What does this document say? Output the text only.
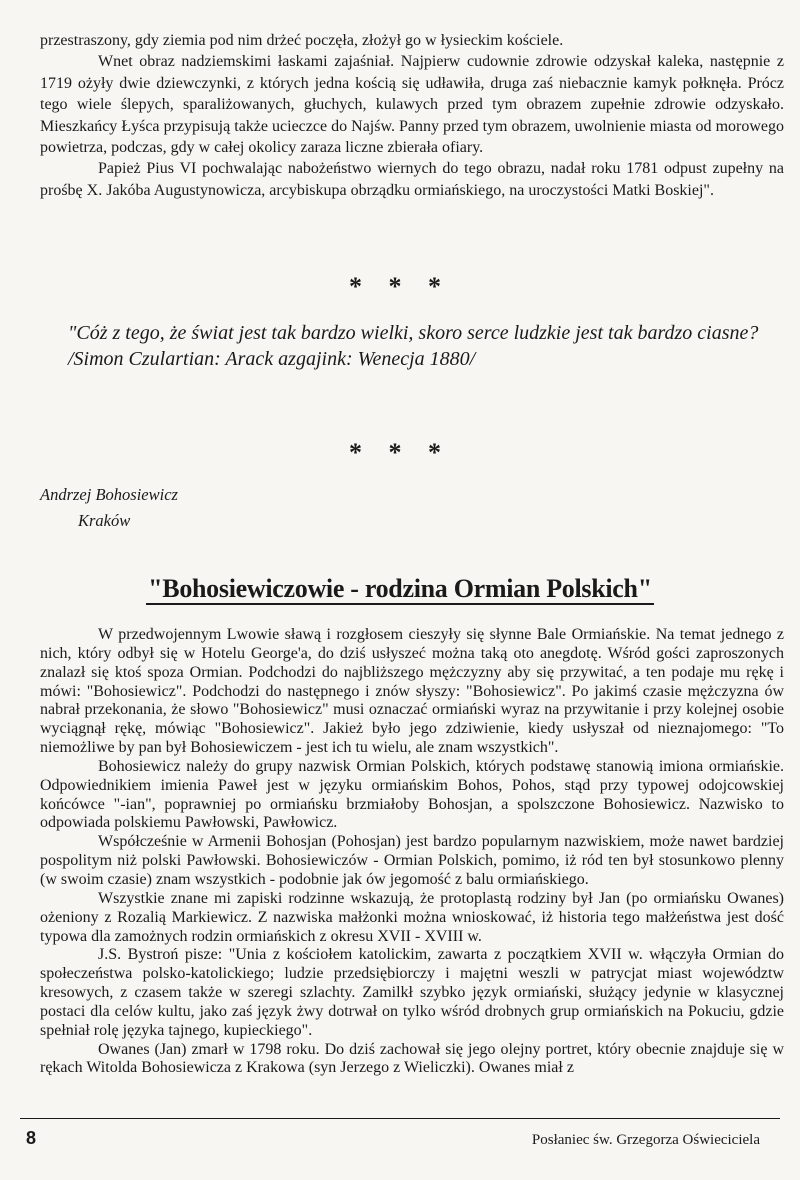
przestraszony, gdy ziemia pod nim drżeć poczęła, złożył go w łysieckim kościele.

Wnet obraz nadziemskimi łaskami zajaśniał. Najpierw cudownie zdrowie odzyskał kaleka, następnie z 1719 ożyły dwie dziewczynki, z których jedna kością się udławiła, druga zaś niebacznie kamyk połknęła. Prócz tego wiele ślepych, sparaliżowanych, głuchych, kulawych przed tym obrazem zupełnie zdrowie odzyskało. Mieszkańcy Łyśca przypisują także ucieczce do Najśw. Panny przed tym obrazem, uwolnienie miasta od morowego powietrza, podczas, gdy w całej okolicy zaraza liczne zbierała ofiary.

Papież Pius VI pochwalając nabożeństwo wiernych do tego obrazu, nadał roku 1781 odpust zupełny na prośbę X. Jakóba Augustynowicza, arcybiskupa obrządku ormiańskiego, na uroczystości Matki Boskiej".

* * *

"Cóż z tego, że świat jest tak bardzo wielki, skoro serce ludzkie jest tak bardzo ciasne?

/Simon Czulartian: Arack azgajink: Wenecja 1880/

* * *
Andrzej Bohosiewicz
Kraków
"Bohosiewiczowie - rodzina Ormian Polskich"

W przedwojennym Lwowie sławą i rozgłosem cieszyły się słynne Bale Ormiańskie. Na temat jednego z nich, który odbył się w Hotelu George'a, do dziś usłyszeć można taką oto anegdotę. Wśród gości zaproszonych znalazł się ktoś spoza Ormian. Podchodzi do najbliższego mężczyzny aby się przywitać, a ten podaje mu rękę i mówi: "Bohosiewicz". Podchodzi do następnego i znów słyszy: "Bohosiewicz". Po jakimś czasie mężczyzna ów nabrał przekonania, że słowo "Bohosiewicz" musi oznaczać ormiański wyraz na przywitanie i przy kolejnej osobie wyciągnął rękę, mówiąc "Bohosiewicz". Jakież było jego zdziwienie, kiedy usłyszał od nieznajomego: "To niemożliwe by pan był Bohosiewiczem - jest ich tu wielu, ale znam wszystkich".

Bohosiewicz należy do grupy nazwisk Ormian Polskich, których podstawę stanowią imiona ormiańskie. Odpowiednikiem imienia Paweł jest w języku ormiańskim Bohos, Pohos, stąd przy typowej odojcowskiej końcówce "-ian", poprawniej po ormiańsku brzmiałoby Bohosjan, a spolszczone Bohosiewicz. Nazwisko to odpowiada polskiemu Pawłowski, Pawłowicz.

Współcześnie w Armenii Bohosjan (Pohosjan) jest bardzo popularnym nazwiskiem, może nawet bardziej pospolitym niż polski Pawłowski. Bohosiewiczów - Ormian Polskich, pomimo, iż ród ten był stosunkowo plenny (w swoim czasie) znam wszystkich - podobnie jak ów jegomość z balu ormiańskiego.

Wszystkie znane mi zapiski rodzinne wskazują, że protoplastą rodziny był Jan (po ormiańsku Owanes) ożeniony z Rozalią Markiewicz. Z nazwiska małżonki można wnioskować, iż historia tego małżeństwa jest dość typowa dla zamożnych rodzin ormiańskich z okresu XVII - XVIII w.

J.S. Bystroń pisze: "Unia z kościołem katolickim, zawarta z początkiem XVII w. włączyła Ormian do społeczeństwa polsko-katolickiego; ludzie przedsiębiorczy i majętni weszli w patrycjat miast województw kresowych, z czasem także w szeregi szlachty. Zamilkł szybko język ormiański, służący jedynie w klasycznej postaci dla celów kultu, jako zaś język żwy dotrwał on tylko wśród drobnych grup ormiańskich na Pokuciu, gdzie spełniał rolę języka tajnego, kupieckiego".

Owanes (Jan) zmarł w 1798 roku. Do dziś zachował się jego olejny portret, który obecnie znajduje się w rękach Witolda Bohosiewicza z Krakowa (syn Jerzego z Wieliczki). Owanes miał z

8	Posłaniec św. Grzegorza Oświeciciela
